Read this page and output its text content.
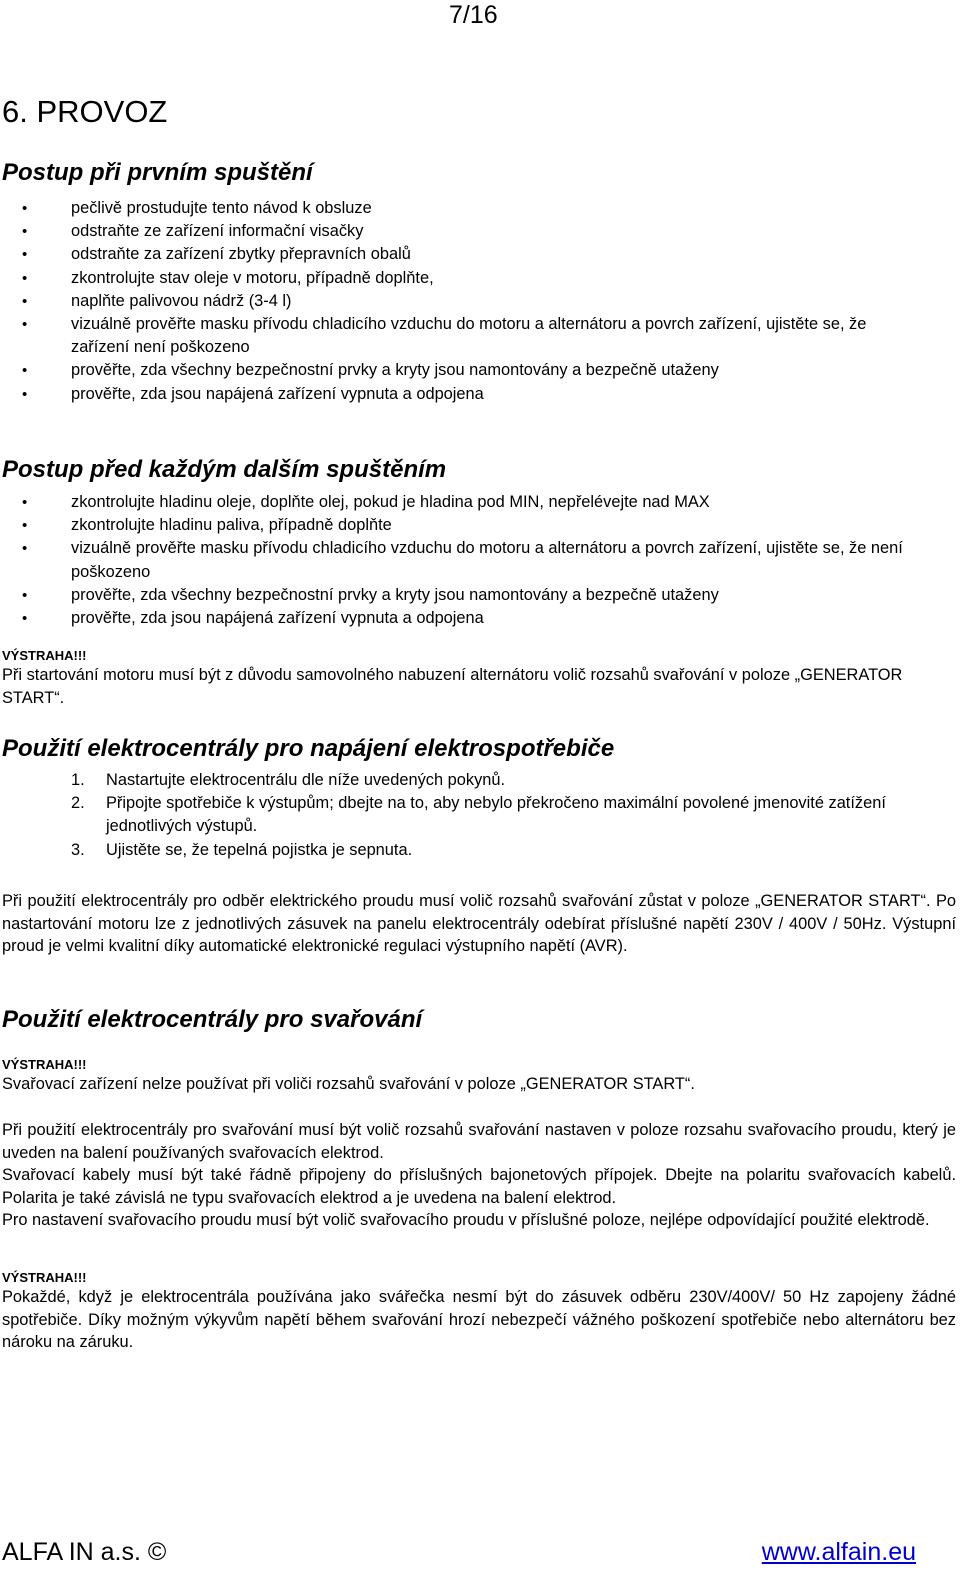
7/16
6. PROVOZ
Postup při prvním spuštění
• pečlivě prostudujte tento návod k obsluze
• odstraňte ze zařízení informační visačky
• odstraňte za zařízení zbytky přepravních obalů
• zkontrolujte stav oleje v motoru, případně doplňte,
• naplňte palivovou nádrž (3-4 l)
• vizuálně prověřte masku přívodu chladicího vzduchu do motoru a alternátoru a povrch zařízení, ujistěte se, že zařízení není poškozeno
• prověřte, zda všechny bezpečnostní prvky a kryty jsou namontovány a bezpečně utaženy
• prověřte, zda jsou napájená zařízení vypnuta a odpojena
Postup před každým dalším spuštěním
• zkontrolujte hladinu oleje, doplňte olej, pokud je hladina pod MIN, nepřelévejte nad MAX
• zkontrolujte hladinu paliva, případně doplňte
• vizuálně prověřte masku přívodu chladicího vzduchu do motoru a alternátoru a povrch zařízení, ujistěte se, že není poškozeno
• prověřte, zda všechny bezpečnostní prvky a kryty jsou namontovány a bezpečně utaženy
• prověřte, zda jsou napájená zařízení vypnuta a odpojena

VÝSTRAHA!!!

Při startování motoru musí být z důvodu samovolného nabuzení alternátoru volič rozsahů svařování v poloze „GENERATOR START“.

Použití elektrocentrály pro napájení elektrospotřebiče
1. Nastartujte elektrocentrálu dle níže uvedených pokynů.
2. Připojte spotřebiče k výstupům; dbejte na to, aby nebylo překročeno maximální povolené jmenovité zatížení jednotlivých výstupů.
3. Ujistěte se, že tepelná pojistka je sepnuta.

Při použití elektrocentrály pro odběr elektrického proudu musí volič rozsahů svařování zůstat v poloze „GENERATOR START“. Po nastartování motoru lze z jednotlivých zásuvek na panelu elektrocentrály odebírat příslušné napětí 230V / 400V / 50Hz. Výstupní proud je velmi kvalitní díky automatické elektronické regulaci výstupního napětí (AVR).

Použití elektrocentrály pro svařování

VÝSTRAHA!!!

Svařovací zařízení nelze používat při voliči rozsahů svařování v poloze „GENERATOR START“.

Při použití elektrocentrály pro svařování musí být volič rozsahů svařování nastaven v poloze rozsahu svařovacího proudu, který je uveden na balení používaných svařovacích elektrod.

Svařovací kabely musí být také řádně připojeny do příslušných bajonetových přípojek. Dbejte na polaritu svařovacích kabelů. Polarita je také závislá ne typu svařovacích elektrod a je uvedena na balení elektrod.

Pro nastavení svařovacího proudu musí být volič svařovacího proudu v příslušné poloze, nejlépe odpovídající použité elektrodě.

VÝSTRAHA!!!

Pokaždé, když je elektrocentrála používána jako svářečka nesmí být do zásuvek odběru 230V/400V/ 50 Hz zapojeny žádné spotřebiče. Díky možným výkyvům napětí během svařování hrozí nebezpečí vážného poškození spotřebiče nebo alternátoru bez nároku na záruku.

ALFA IN a.s. ©	www.alfain.eu
